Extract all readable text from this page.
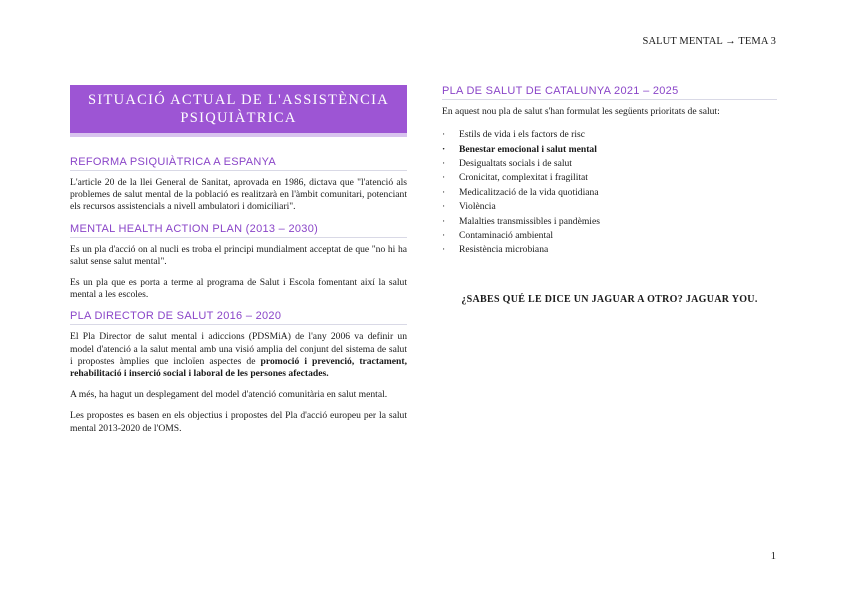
SALUT MENTAL → TEMA 3
SITUACIÓ ACTUAL DE L'ASSISTÈNCIA PSIQUIÀTRICA
REFORMA PSIQUIÀTRICA A ESPANYA

L'article 20 de la llei General de Sanitat, aprovada en 1986, dictava que "l'atenció als problemes de salut mental de la població es realitzarà en l'àmbit comunitari, potenciant els recursos assistencials a nivell ambulatori i domiciliari".

MENTAL HEALTH ACTION PLAN (2013 – 2030)

Es un pla d'acció on al nucli es troba el principi mundialment acceptat de que "no hi ha salut sense salut mental".

Es un pla que es porta a terme al programa de Salut i Escola fomentant així la salut mental a les escoles.

PLA DIRECTOR DE SALUT 2016 – 2020

El Pla Director de salut mental i adiccions (PDSMiA) de l'any 2006 va definir un model d'atenció a la salut mental amb una visió amplia del conjunt del sistema de salut i propostes àmplies que incloïen aspectes de promoció i prevenció, tractament, rehabilitació i inserció social i laboral de les persones afectades.

A més, ha hagut un desplegament del model d'atenció comunitària en salut mental.

Les propostes es basen en els objectius i propostes del Pla d'acció europeu per la salut mental 2013-2020 de l'OMS.

PLA DE SALUT DE CATALUNYA 2021 – 2025

En aquest nou pla de salut s'han formulat les següents prioritats de salut:

· Estils de vida i els factors de risc
· Benestar emocional i salut mental
· Desigualtats socials i de salut
· Cronicitat, complexitat i fragilitat
· Medicalització de la vida quotidiana
· Violència
· Malalties transmissibles i pandèmies
· Contaminació ambiental
· Resistència microbiana
¿SABES QUÉ LE DICE UN JAGUAR A OTRO? JAGUAR YOU.
1
